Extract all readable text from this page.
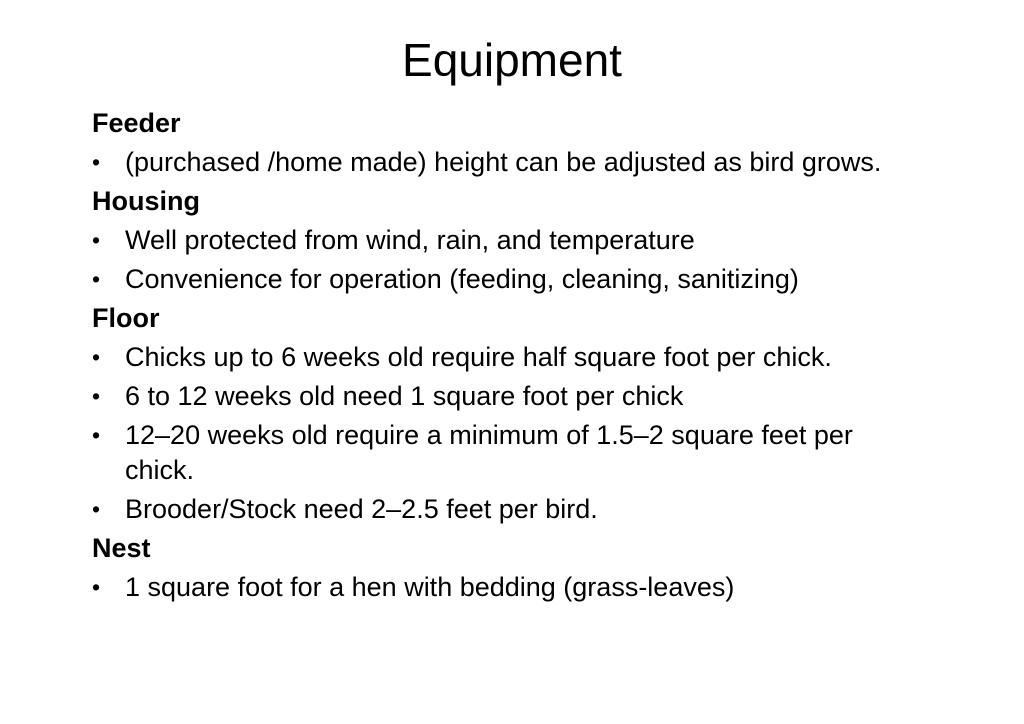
Equipment
Feeder
• (purchased /home made) height can be adjusted as bird grows.
Housing
• Well protected from wind, rain, and temperature
• Convenience for operation (feeding, cleaning, sanitizing)
Floor
• Chicks up to 6 weeks old require half square foot per chick.
• 6 to 12 weeks old need 1 square foot per chick
• 12–20 weeks old require a minimum of 1.5–2 square feet per chick.
• Brooder/Stock need 2–2.5 feet per bird.
Nest
• 1 square foot for a hen with bedding (grass-leaves)
